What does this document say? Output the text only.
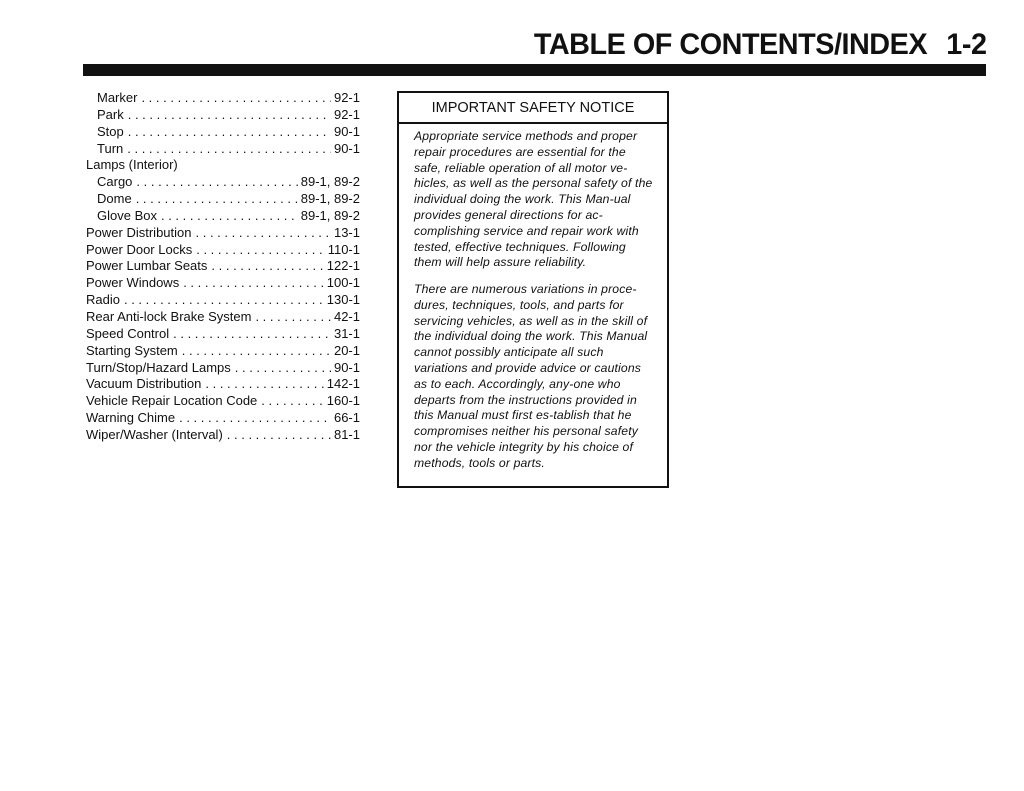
TABLE OF CONTENTS/INDEX 1-2
Marker . . .	92-1
Park . . .	92-1
Stop . . .	90-1
Turn . . .	90-1
Lamps (Interior)
Cargo . . .	89-1, 89-2
Dome . . .	89-1, 89-2
Glove Box . . .	89-1, 89-2
Power Distribution . . .	13-1
Power Door Locks . . .	110-1
Power Lumbar Seats . . .	122-1
Power Windows . . .	100-1
Radio . . .	130-1
Rear Anti-lock Brake System . . .	42-1
Speed Control . . .	31-1
Starting System . . .	20-1
Turn/Stop/Hazard Lamps . . .	90-1
Vacuum Distribution . . .	142-1
Vehicle Repair Location Code . . .	160-1
Warning Chime . . .	66-1
Wiper/Washer (Interval) . . .	81-1
IMPORTANT SAFETY NOTICE

Appropriate service methods and proper repair procedures are essential for the safe, reliable operation of all motor ve-hicles, as well as the personal safety of the individual doing the work. This Man-ual provides general directions for ac-complishing service and repair work with tested, effective techniques. Following them will help assure reliability.

There are numerous variations in proce-dures, techniques, tools, and parts for servicing vehicles, as well as in the skill of the individual doing the work. This Manual cannot possibly anticipate all such variations and provide advice or cautions as to each. Accordingly, any-one who departs from the instructions provided in this Manual must first es-tablish that he compromises neither his personal safety nor the vehicle integrity by his choice of methods, tools or parts.
